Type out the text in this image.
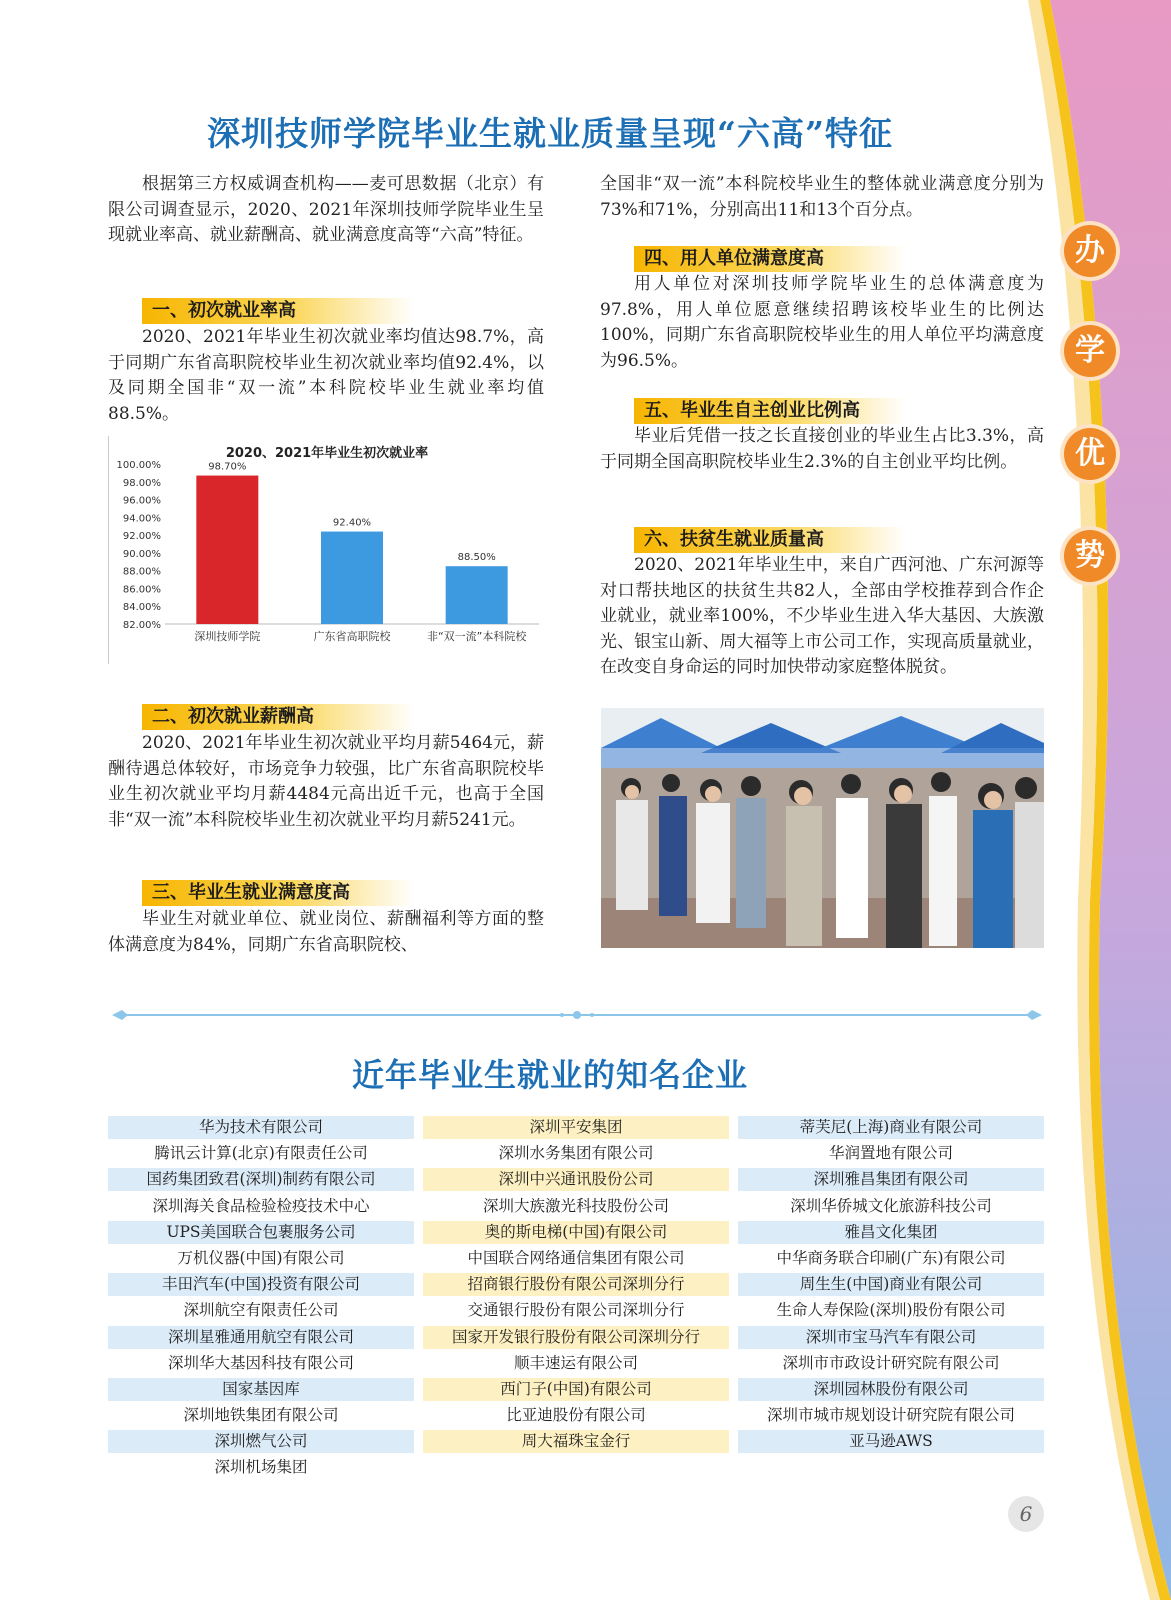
深圳技师学院毕业生就业质量呈现“六高”特征

根据第三方权威调查机构——麦可思数据（北京）有限公司调查显示，2020、2021年深圳技师学院毕业生呈现就业率高、就业薪酬高、就业满意度高等“六高”特征。

一、初次就业率高

2020、2021年毕业生初次就业率均值达98.7%，高于同期广东省高职院校毕业生初次就业率均值92.4%，以及同期全国非“双一流”本科院校毕业生就业率均值88.5%。

2020、2021年毕业生初次就业率
100.00%
98.00%
96.00%
94.00%
92.00%
90.00%
88.00%
86.00%
84.00%
82.00%
98.70%
深圳技师学院
92.40%
广东省高职院校
88.50%
非“双一流”本科院校
二、初次就业薪酬高

2020、2021年毕业生初次就业平均月薪5464元，薪酬待遇总体较好，市场竞争力较强，比广东省高职院校毕业生初次就业平均月薪4484元高出近千元，也高于全国非“双一流”本科院校毕业生初次就业平均月薪5241元。

三、毕业生就业满意度高

毕业生对就业单位、就业岗位、薪酬福利等方面的整体满意度为84%，同期广东省高职院校、

全国非“双一流”本科院校毕业生的整体就业满意度分别为73%和71%，分别高出11和13个百分点。

四、用人单位满意度高

用人单位对深圳技师学院毕业生的总体满意度为97.8%，用人单位愿意继续招聘该校毕业生的比例达100%，同期广东省高职院校毕业生的用人单位平均满意度为96.5%。

五、毕业生自主创业比例高

毕业后凭借一技之长直接创业的毕业生占比3.3%，高于同期全国高职院校毕业生2.3%的自主创业平均比例。

六、扶贫生就业质量高

2020、2021年毕业生中，来自广西河池、广东河源等对口帮扶地区的扶贫生共82人，全部由学校推荐到合作企业就业，就业率100%，不少毕业生进入华大基因、大族激光、银宝山新、周大福等上市公司工作，实现高质量就业，在改变自身命运的同时加快带动家庭整体脱贫。

办
学
优
势
近年毕业生就业的知名企业
华为技术有限公司	深圳平安集团	蒂芙尼(上海)商业有限公司
腾讯云计算(北京)有限责任公司	深圳水务集团有限公司	华润置地有限公司
国药集团致君(深圳)制药有限公司	深圳中兴通讯股份公司	深圳雅昌集团有限公司
深圳海关食品检验检疫技术中心	深圳大族激光科技股份公司	深圳华侨城文化旅游科技公司
UPS美国联合包裹服务公司	奥的斯电梯(中国)有限公司	雅昌文化集团
万机仪器(中国)有限公司	中国联合网络通信集团有限公司	中华商务联合印刷(广东)有限公司
丰田汽车(中国)投资有限公司	招商银行股份有限公司深圳分行	周生生(中国)商业有限公司
深圳航空有限责任公司	交通银行股份有限公司深圳分行	生命人寿保险(深圳)股份有限公司
深圳星雅通用航空有限公司	国家开发银行股份有限公司深圳分行	深圳市宝马汽车有限公司
深圳华大基因科技有限公司	顺丰速运有限公司	深圳市市政设计研究院有限公司
国家基因库	西门子(中国)有限公司	深圳园林股份有限公司
深圳地铁集团有限公司	比亚迪股份有限公司	深圳市城市规划设计研究院有限公司
深圳燃气公司	周大福珠宝金行	亚马逊AWS
深圳机场集团
6
